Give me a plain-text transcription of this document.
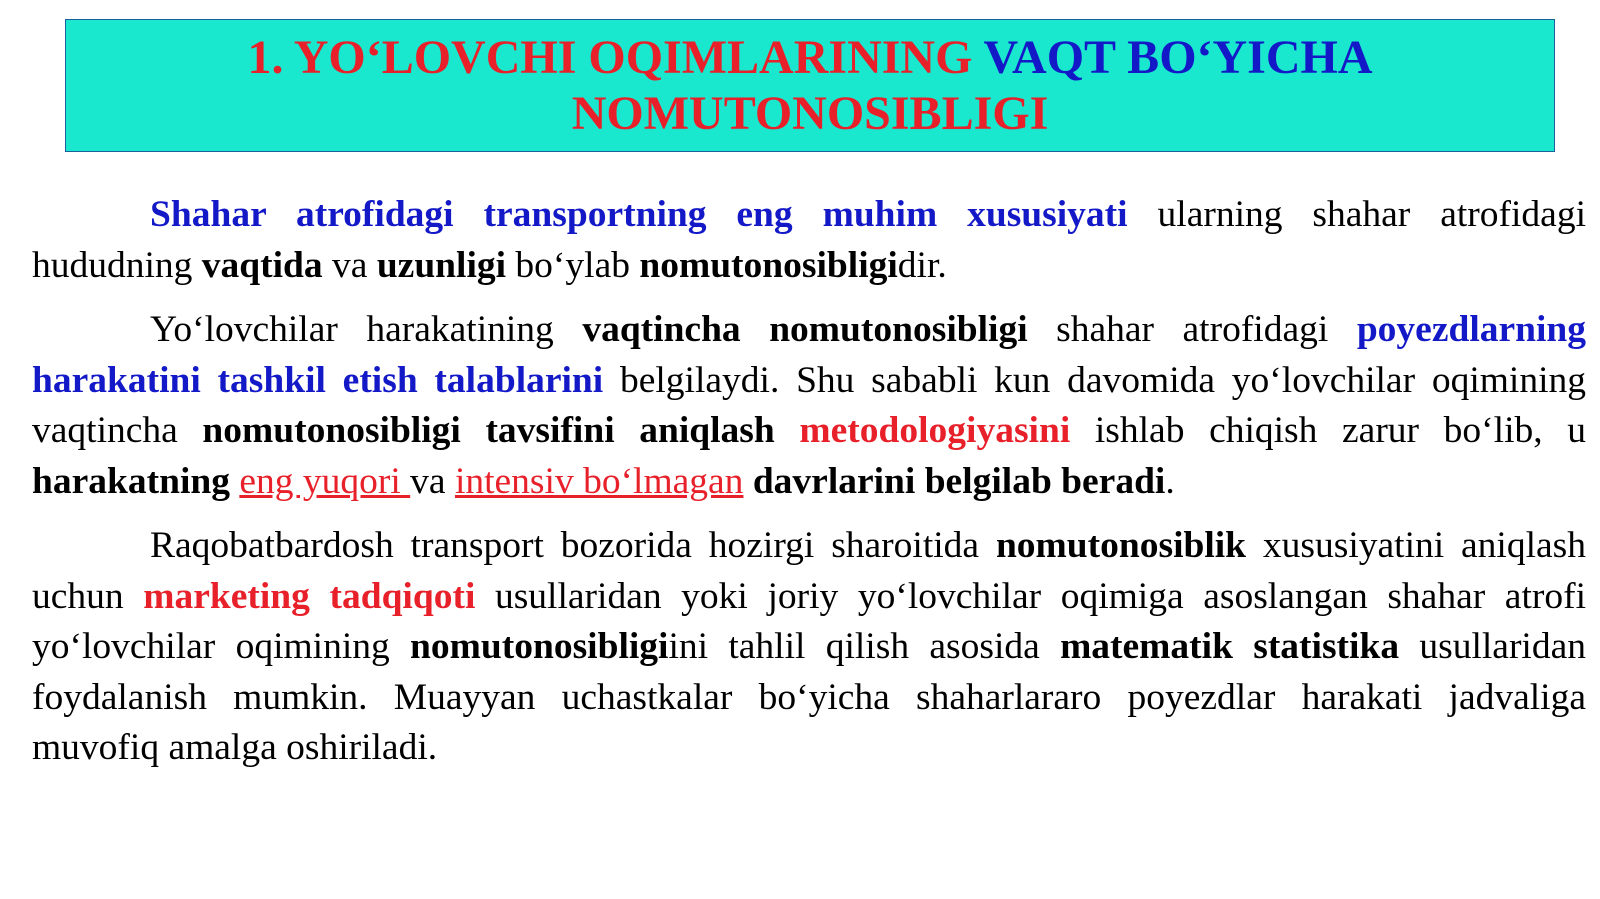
1. YO‘LOVCHI OQIMLARINING VAQT BO‘YICHA
NOMUTONOSIBLIGI

Shahar atrofidagi transportning eng muhim xususiyati ularning shahar atrofidagi hududning vaqtida va uzunligi bo‘ylab nomutonosibligidir.

Yo‘lovchilar harakatining vaqtincha nomutonosibligi shahar atrofidagi poyezdlarning harakatini tashkil etish talablarini belgilaydi. Shu sababli kun davomida yo‘lovchilar oqimining vaqtincha nomutonosibligi tavsifini aniqlash metodologiyasini ishlab chiqish zarur bo‘lib, u harakatning eng yuqori va intensiv bo‘lmagan davrlarini belgilab beradi.

Raqobatbardosh transport bozorida hozirgi sharoitida nomutonosiblik xususiyatini aniqlash uchun marketing tadqiqoti usullaridan yoki joriy yo‘lovchilar oqimiga asoslangan shahar atrofi yo‘lovchilar oqimining nomutonosibligiini tahlil qilish asosida matematik statistika usullaridan foydalanish mumkin. Muayyan uchastkalar bo‘yicha shaharlararo poyezdlar harakati jadvaliga muvofiq amalga oshiriladi.
